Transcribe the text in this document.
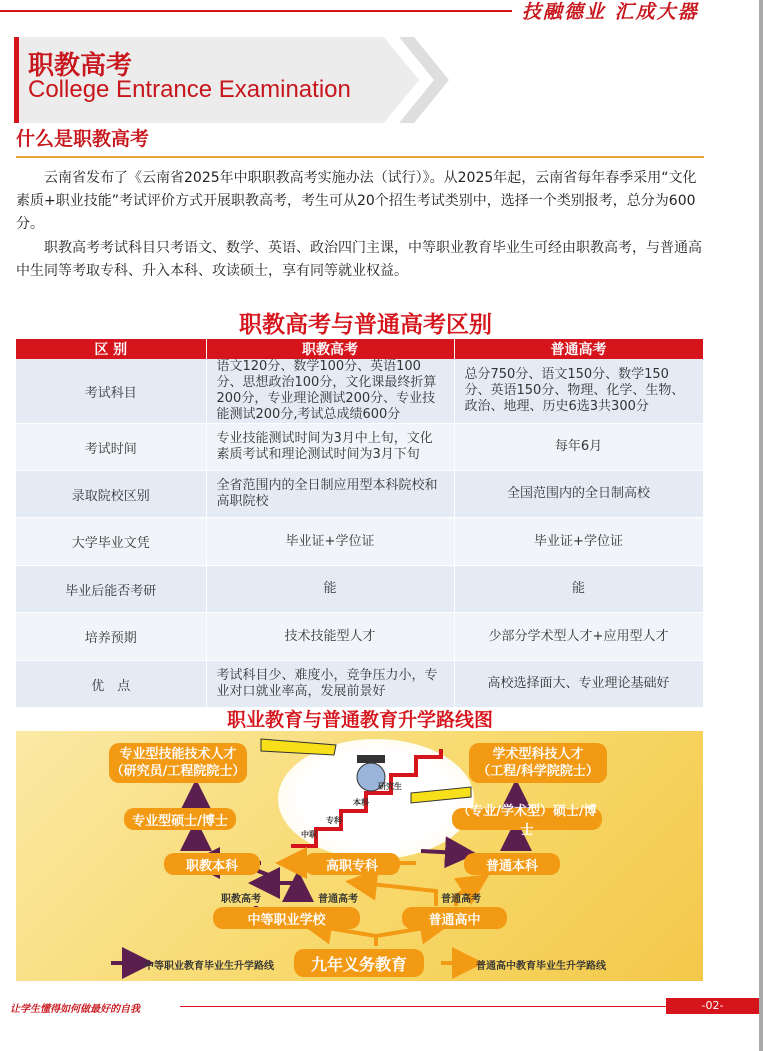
技融德业 汇成大器
职教高考
College Entrance Examination
什么是职教高考

云南省发布了《云南省2025年中职职教高考实施办法（试行）》。从2025年起，云南省每年春季采用“文化素质+职业技能”考试评价方式开展职教高考，考生可从20个招生考试类别中，选择一个类别报考，总分为600分。

职教高考考试科目只考语文、数学、英语、政治四门主课，中等职业教育毕业生可经由职教高考，与普通高中生同等考取专科、升入本科、攻读硕士，享有同等就业权益。

职教高考与普通高考区别
区 别	职教高考	普通高考
考试科目	语文120分、数学100分、英语100分、思想政治100分，文化课最终折算200分，专业理论测试200分、专业技能测试200分,考试总成绩600分	总分750分、语文150分、数学150分、英语150分、物理、化学、生物、政治、地理、历史6选3共300分

考试时间	专业技能测试时间为3月中上旬，文化素质考试和理论测试时间为3月下旬	每年6月

录取院校区别	全省范围内的全日制应用型本科院校和高职院校	全国范围内的全日制高校

大学毕业文凭	毕业证+学位证	毕业证+学位证

毕业后能否考研	能	能

培养预期	技术技能型人才	少部分学术型人才+应用型人才

优　点	考试科目少、难度小，竞争压力小，专业对口就业率高，发展前景好	高校选择面大、专业理论基础好
职业教育与普通教育升学路线图
中职
专科
本科
研究生
专业型技能技术人才
（研究员/工程院院士）
学术型科技人才
（工程/科学院院士）
专业型硕士/博士
（专业/学术型）硕士/博士
职教本科	高职专科	普通本科
中等职业学校	普通高中
九年义务教育
职教高考	普通高考	普通高考
中等职业教育毕业生升学路线	普通高中教育毕业生升学路线
让学生懂得如何做最好的自我	-02-
